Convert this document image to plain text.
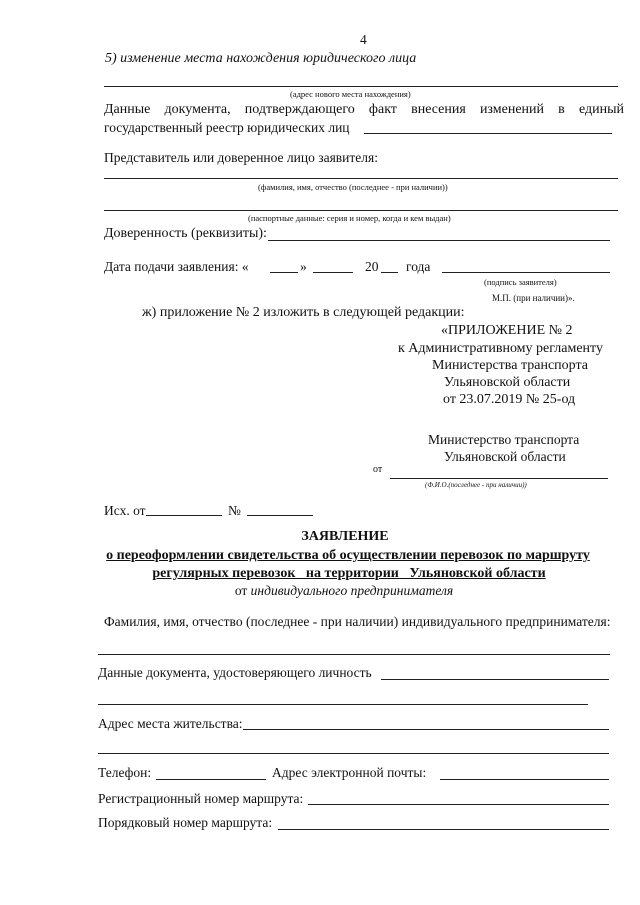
4
5) изменение места нахождения юридического лица
(адрес нового места нахождения)
Данные документа, подтверждающего факт внесения изменений в единый
государственный реестр юридических лиц
Представитель или доверенное лицо заявителя:
(фамилия, имя, отчество (последнее - при наличии))
(паспортные данные: серия и номер, когда и кем выдан)
Доверенность (реквизиты):
Дата подачи заявления: «	»	20 года
(подпись заявителя)
М.П. (при наличии)».
ж) приложение № 2 изложить в следующей редакции:
«ПРИЛОЖЕНИЕ № 2
к Административному регламенту
Министерства транспорта
Ульяновской области
от 23.07.2019 № 25-од
Министерство транспорта
Ульяновской области
от
(Ф.И.О.(последнее - при наличии))
Исх. от	№
ЗАЯВЛЕНИЕ
о переоформлении свидетельства об осуществлении перевозок по маршруту
регулярных перевозок   на территории   Ульяновской области
от индивидуального предпринимателя
Фамилия, имя, отчество (последнее - при наличии) индивидуального предпринимателя:
Данные документа, удостоверяющего личность
Адрес места жительства:
Телефон:	Адрес электронной почты:
Регистрационный номер маршрута:
Порядковый номер маршрута:
